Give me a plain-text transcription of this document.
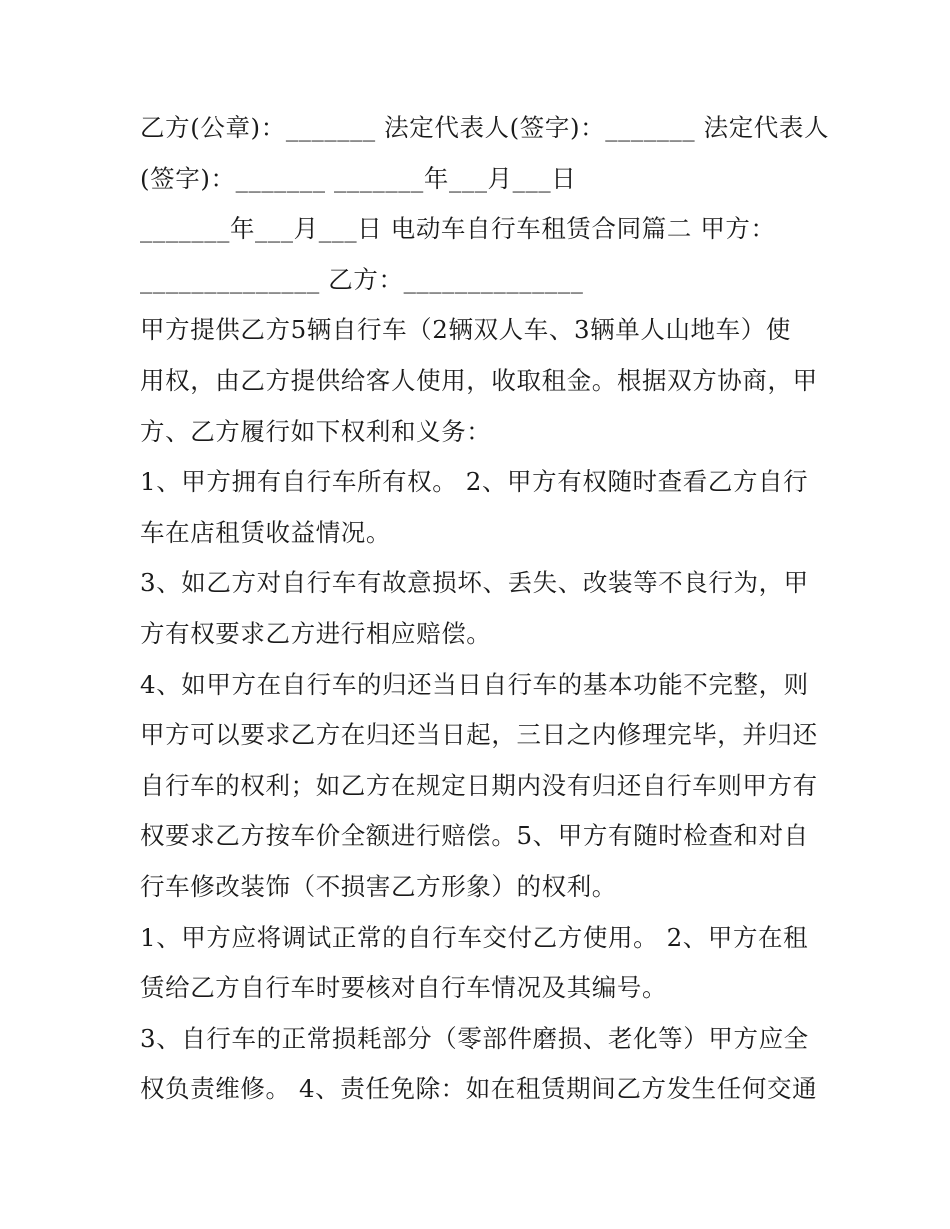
乙方(公章)：_______ 法定代表人(签字)：_______ 法定代表人
(签字)：_______ _______年___月___日
_______年___月___日 电动车自行车租赁合同篇二 甲方：
______________ 乙方：______________
甲方提供乙方5辆自行车（2辆双人车、3辆单人山地车）使
用权，由乙方提供给客人使用，收取租金。根据双方协商，甲
方、乙方履行如下权利和义务：
1、甲方拥有自行车所有权。 2、甲方有权随时查看乙方自行
车在店租赁收益情况。
3、如乙方对自行车有故意损坏、丢失、改装等不良行为，甲
方有权要求乙方进行相应赔偿。
4、如甲方在自行车的归还当日自行车的基本功能不完整，则
甲方可以要求乙方在归还当日起，三日之内修理完毕，并归还
自行车的权利；如乙方在规定日期内没有归还自行车则甲方有
权要求乙方按车价全额进行赔偿。5、甲方有随时检查和对自
行车修改装饰（不损害乙方形象）的权利。
1、甲方应将调试正常的自行车交付乙方使用。 2、甲方在租
赁给乙方自行车时要核对自行车情况及其编号。
3、自行车的正常损耗部分（零部件磨损、老化等）甲方应全
权负责维修。 4、责任免除：如在租赁期间乙方发生任何交通
